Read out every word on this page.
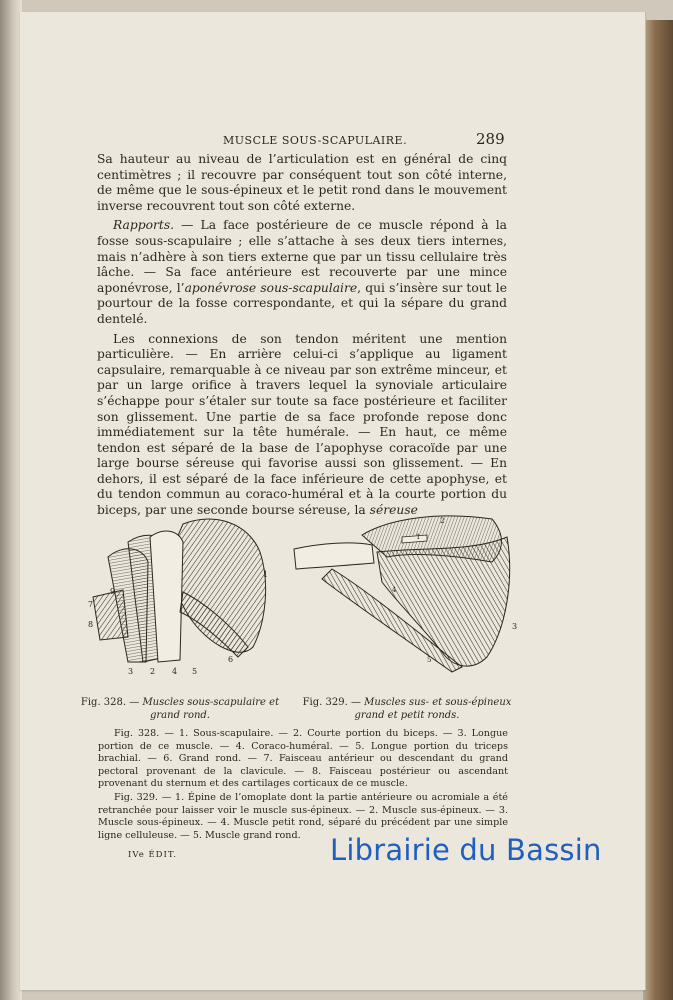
MUSCLE SOUS-SCAPULAIRE.	289

Sa hauteur au niveau de l’articulation est en général de cinq centimètres ; il recouvre par conséquent tout son côté interne, de même que le sous-épineux et le petit rond dans le mouvement inverse recouvrent tout son côté externe.

Rapports. — La face postérieure de ce muscle répond à la fosse sous-scapulaire ; elle s’attache à ses deux tiers internes, mais n’adhère à son tiers externe que par un tissu cellulaire très lâche. — Sa face antérieure est recouverte par une mince aponévrose, l’aponévrose sous-scapulaire, qui s’insère sur tout le pourtour de la fosse correspondante, et qui la sépare du grand dentelé.

Les connexions de son tendon méritent une mention particulière. — En arrière celui-ci s’applique au ligament capsulaire, remarquable à ce niveau par son extrême minceur, et par un large orifice à travers lequel la synoviale articulaire s’échappe pour s’étaler sur toute sa face postérieure et faciliter son glissement. Une partie de sa face profonde repose donc immédiatement sur la tête humérale. — En haut, ce même tendon est séparé de la base de l’apophyse coracoïde par une large bourse séreuse qui favorise aussi son glissement. — En dehors, il est séparé de la face inférieure de cette apophyse, et du tendon commun au coraco-huméral et à la courte portion du biceps, par une seconde bourse séreuse, la séreuse

1
3 2 4 5
6
7
8
9
1
2
3
4
5
Fig. 328. — Muscles sous-scapulaire et grand rond.
Fig. 329. — Muscles sus- et sous-épineux grand et petit ronds.

Fig. 328. — 1. Sous-scapulaire. — 2. Courte portion du biceps. — 3. Longue portion de ce muscle. — 4. Coraco-huméral. — 5. Longue portion du triceps brachial. — 6. Grand rond. — 7. Faisceau antérieur ou descendant du grand pectoral provenant de la clavicule. — 8. Faisceau postérieur ou ascendant provenant du sternum et des cartilages corticaux de ce muscle.

Fig. 329. — 1. Épine de l’omoplate dont la partie antérieure ou acromiale a été retranchée pour laisser voir le muscle sus-épineux. — 2. Muscle sus-épineux. — 3. Muscle sous-épineux. — 4. Muscle petit rond, séparé du précédent par une simple ligne celluleuse. — 5. Muscle grand rond.

IVe ÉDIT.	Librairie du Bassin
